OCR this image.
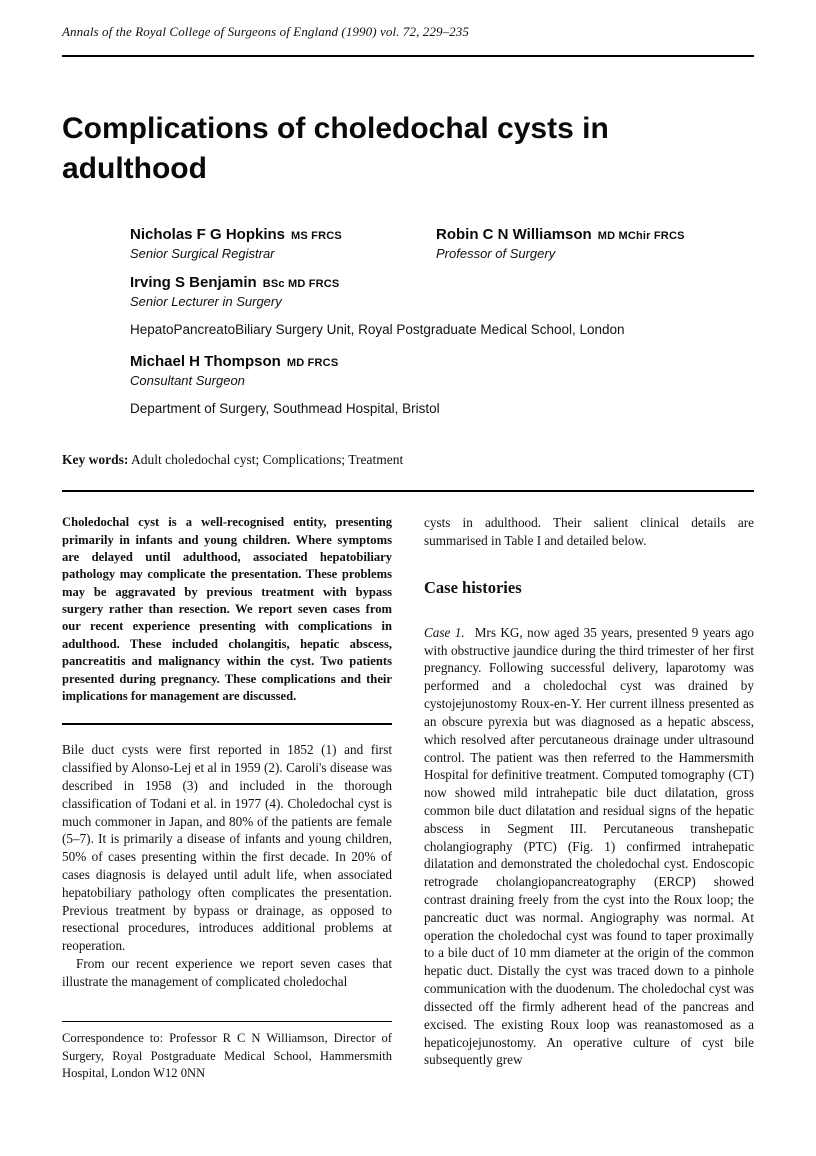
Annals of the Royal College of Surgeons of England (1990) vol. 72, 229–235
Complications of choledochal cysts in adulthood
Nicholas F G Hopkins MS FRCS
Senior Surgical Registrar
Robin C N Williamson MD MChir FRCS
Professor of Surgery
Irving S Benjamin BSc MD FRCS
Senior Lecturer in Surgery
HepatoPancreatoBiliary Surgery Unit, Royal Postgraduate Medical School, London
Michael H Thompson MD FRCS
Consultant Surgeon
Department of Surgery, Southmead Hospital, Bristol
Key words: Adult choledochal cyst; Complications; Treatment

Choledochal cyst is a well-recognised entity, presenting primarily in infants and young children. Where symptoms are delayed until adulthood, associated hepatobiliary pathology may complicate the presentation. These problems may be aggravated by previous treatment with bypass surgery rather than resection. We report seven cases from our recent experience presenting with complications in adulthood. These included cholangitis, hepatic abscess, pancreatitis and malignancy within the cyst. Two patients presented during pregnancy. These complications and their implications for management are discussed.

Bile duct cysts were first reported in 1852 (1) and first classified by Alonso-Lej et al in 1959 (2). Caroli's disease was described in 1958 (3) and included in the thorough classification of Todani et al. in 1977 (4). Choledochal cyst is much commoner in Japan, and 80% of the patients are female (5–7). It is primarily a disease of infants and young children, 50% of cases presenting within the first decade. In 20% of cases diagnosis is delayed until adult life, when associated hepatobiliary pathology often complicates the presentation. Previous treatment by bypass or drainage, as opposed to resectional procedures, introduces additional problems at reoperation.

From our recent experience we report seven cases that illustrate the management of complicated choledochal

Correspondence to: Professor R C N Williamson, Director of Surgery, Royal Postgraduate Medical School, Hammersmith Hospital, London W12 0NN

cysts in adulthood. Their salient clinical details are summarised in Table I and detailed below.

Case histories

Case 1. Mrs KG, now aged 35 years, presented 9 years ago with obstructive jaundice during the third trimester of her first pregnancy. Following successful delivery, laparotomy was performed and a choledochal cyst was drained by cystojejunostomy Roux-en-Y. Her current illness presented as an obscure pyrexia but was diagnosed as a hepatic abscess, which resolved after percutaneous drainage under ultrasound control. The patient was then referred to the Hammersmith Hospital for definitive treatment. Computed tomography (CT) now showed mild intrahepatic bile duct dilatation, gross common bile duct dilatation and residual signs of the hepatic abscess in Segment III. Percutaneous transhepatic cholangiography (PTC) (Fig. 1) confirmed intrahepatic dilatation and demonstrated the choledochal cyst. Endoscopic retrograde cholangiopancreatography (ERCP) showed contrast draining freely from the cyst into the Roux loop; the pancreatic duct was normal. Angiography was normal. At operation the choledochal cyst was found to taper proximally to a bile duct of 10 mm diameter at the origin of the common hepatic duct. Distally the cyst was traced down to a pinhole communication with the duodenum. The choledochal cyst was dissected off the firmly adherent head of the pancreas and excised. The existing Roux loop was reanastomosed as a hepaticojejunostomy. An operative culture of cyst bile subsequently grew
